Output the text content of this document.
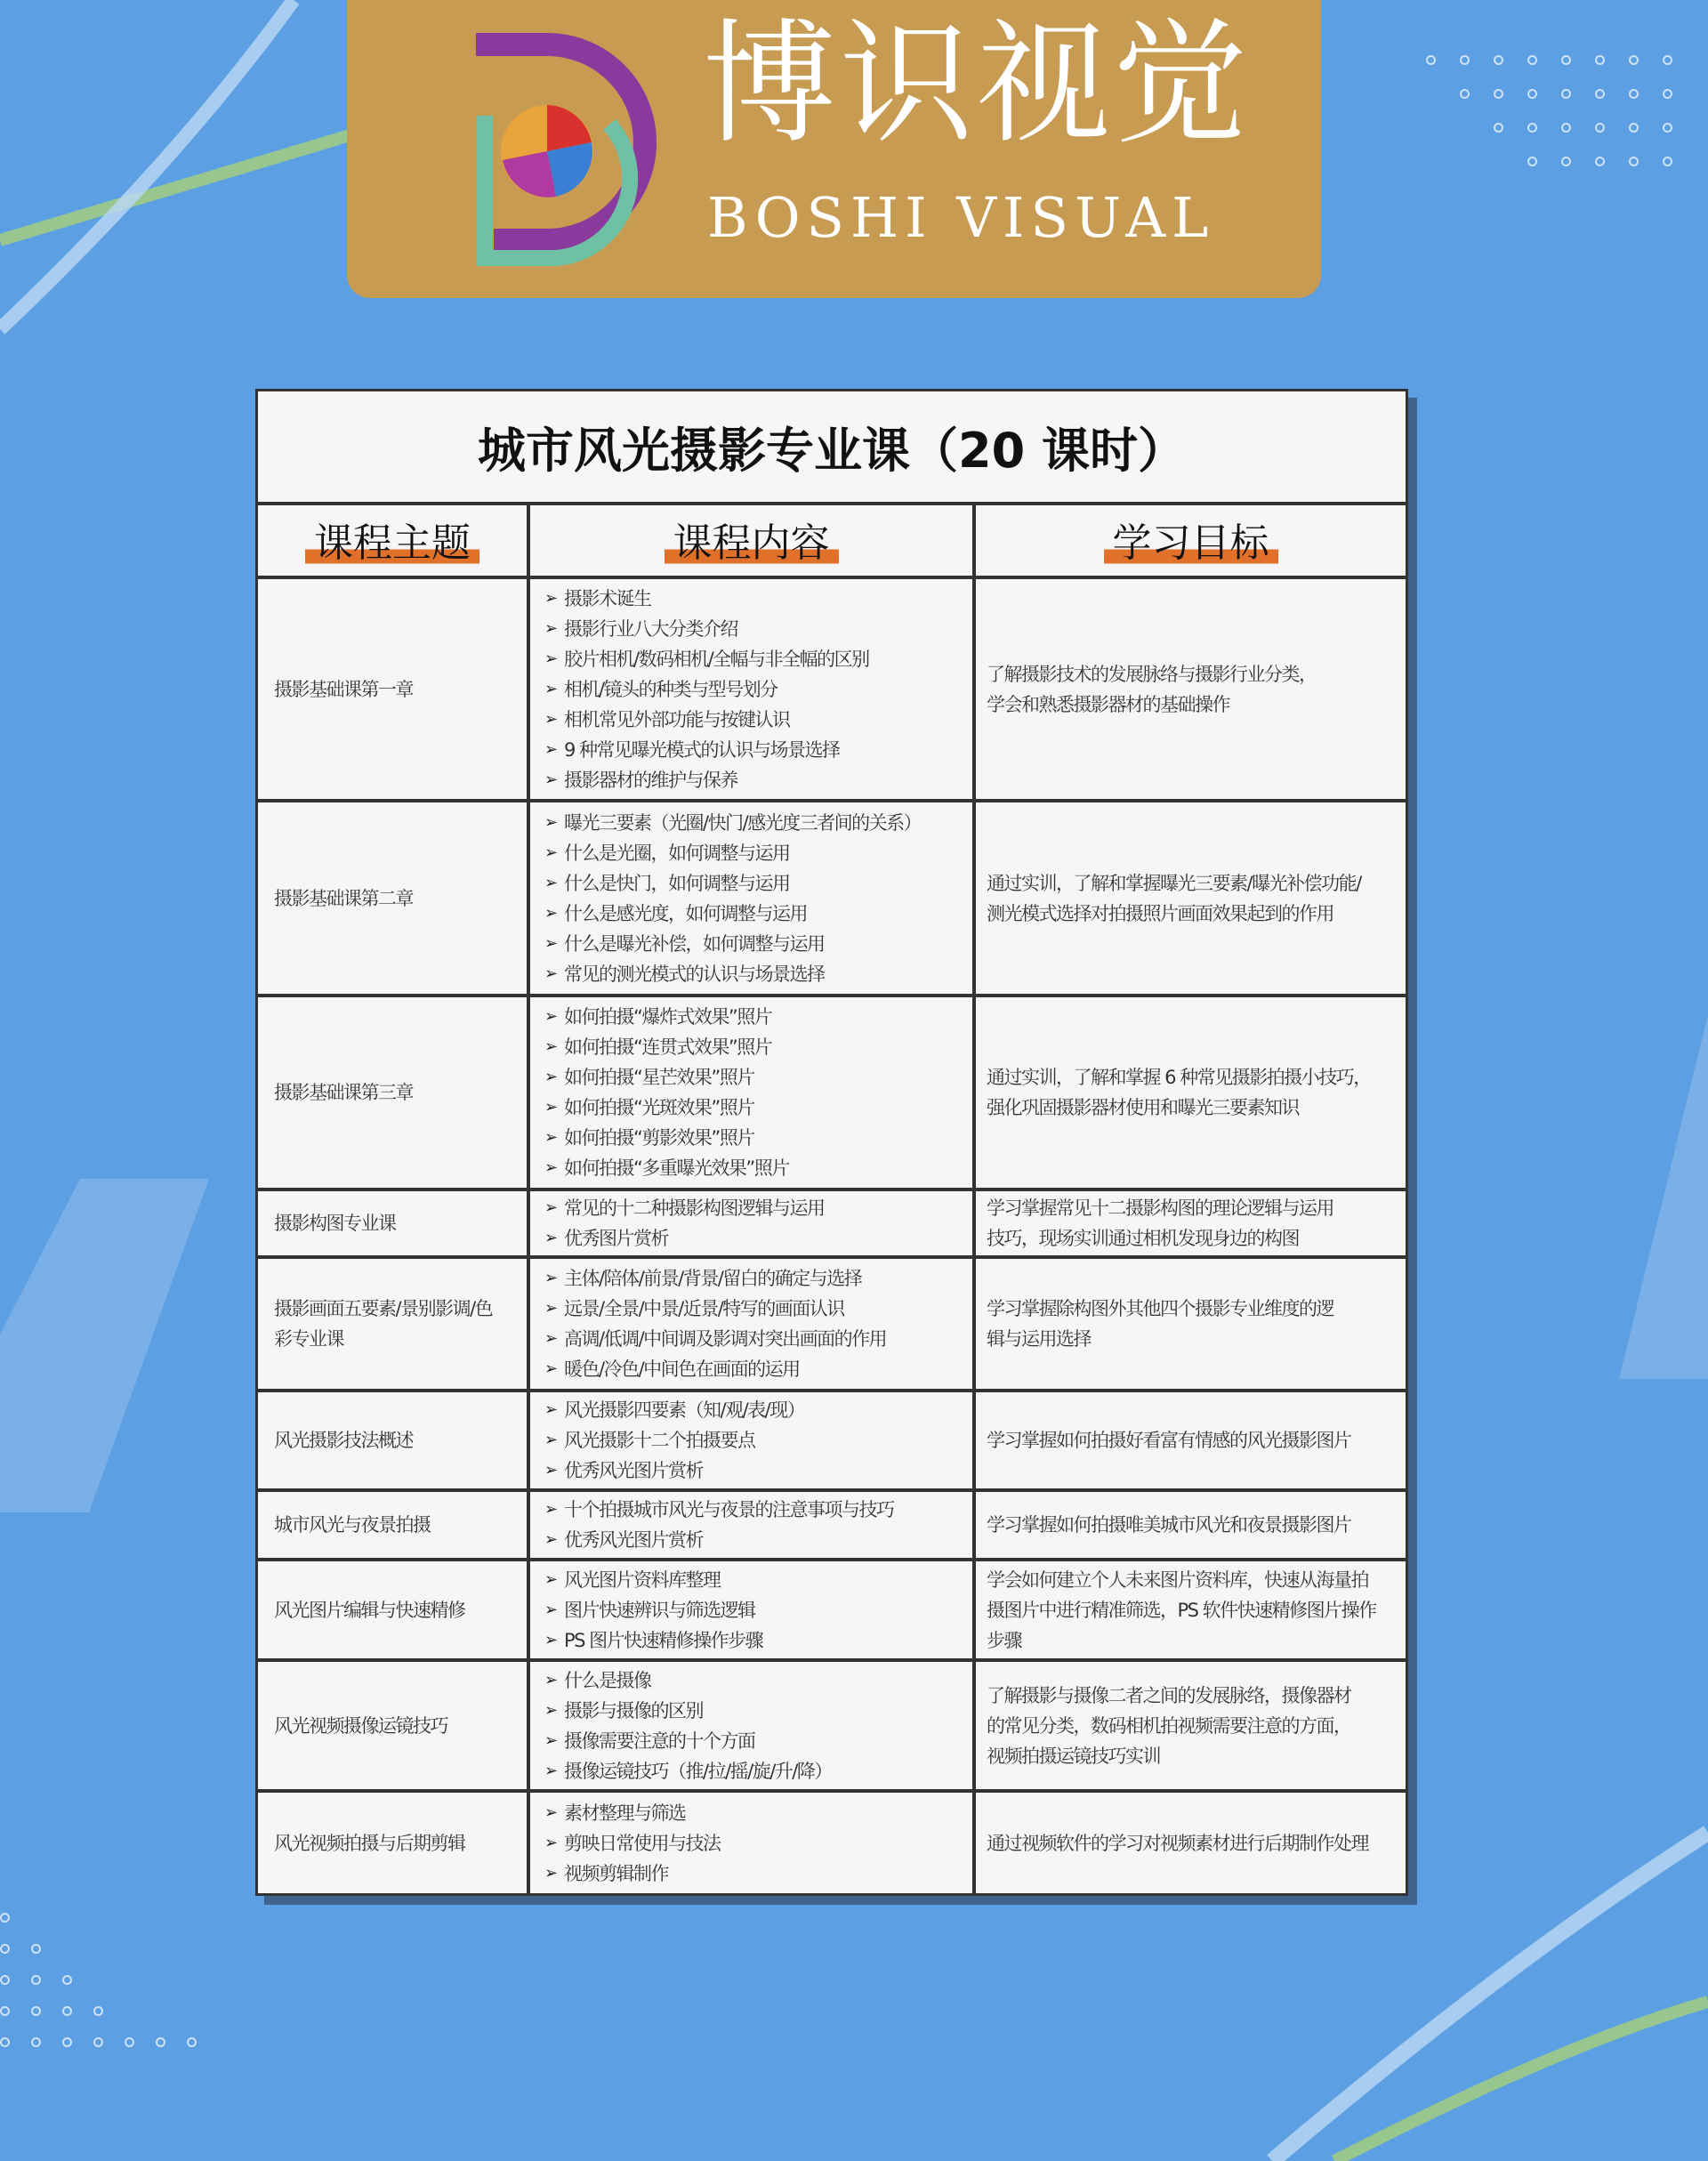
博识视觉
BOSHI VISUAL
城市风光摄影专业课（20 课时）
课程主题	课程内容	学习目标
摄影基础课第一章
➢ 摄影术诞生
➢ 摄影行业八大分类介绍
➢ 胶片相机/数码相机/全幅与非全幅的区别
➢ 相机/镜头的种类与型号划分
➢ 相机常见外部功能与按键认识
➢ 9 种常见曝光模式的认识与场景选择
➢ 摄影器材的维护与保养
了解摄影技术的发展脉络与摄影行业分类，
学会和熟悉摄影器材的基础操作
摄影基础课第二章
➢ 曝光三要素（光圈/快门/感光度三者间的关系）
➢ 什么是光圈，如何调整与运用
➢ 什么是快门，如何调整与运用
➢ 什么是感光度，如何调整与运用
➢ 什么是曝光补偿，如何调整与运用
➢ 常见的测光模式的认识与场景选择
通过实训，了解和掌握曝光三要素/曝光补偿功能/
测光模式选择对拍摄照片画面效果起到的作用
摄影基础课第三章
➢ 如何拍摄“爆炸式效果”照片
➢ 如何拍摄“连贯式效果”照片
➢ 如何拍摄“星芒效果”照片
➢ 如何拍摄“光斑效果”照片
➢ 如何拍摄“剪影效果”照片
➢ 如何拍摄“多重曝光效果”照片
通过实训，了解和掌握 6 种常见摄影拍摄小技巧，
强化巩固摄影器材使用和曝光三要素知识
摄影构图专业课
➢ 常见的十二种摄影构图逻辑与运用
➢ 优秀图片赏析
学习掌握常见十二摄影构图的理论逻辑与运用
技巧，现场实训通过相机发现身边的构图
摄影画面五要素/景别影调/色彩专业课
➢ 主体/陪体/前景/背景/留白的确定与选择
➢ 远景/全景/中景/近景/特写的画面认识
➢ 高调/低调/中间调及影调对突出画面的作用
➢ 暖色/冷色/中间色在画面的运用
学习掌握除构图外其他四个摄影专业维度的逻
辑与运用选择
风光摄影技法概述
➢ 风光摄影四要素（知/观/表/现）
➢ 风光摄影十二个拍摄要点
➢ 优秀风光图片赏析
学习掌握如何拍摄好看富有情感的风光摄影图片
城市风光与夜景拍摄
➢ 十个拍摄城市风光与夜景的注意事项与技巧
➢ 优秀风光图片赏析
学习掌握如何拍摄唯美城市风光和夜景摄影图片
风光图片编辑与快速精修
➢ 风光图片资料库整理
➢ 图片快速辨识与筛选逻辑
➢ PS 图片快速精修操作步骤
学会如何建立个人未来图片资料库，快速从海量拍
摄图片中进行精准筛选，PS 软件快速精修图片操作
步骤
风光视频摄像运镜技巧
➢ 什么是摄像
➢ 摄影与摄像的区别
➢ 摄像需要注意的十个方面
➢ 摄像运镜技巧（推/拉/摇/旋/升/降）
了解摄影与摄像二者之间的发展脉络，摄像器材
的常见分类，数码相机拍视频需要注意的方面，
视频拍摄运镜技巧实训
风光视频拍摄与后期剪辑
➢ 素材整理与筛选
➢ 剪映日常使用与技法
➢ 视频剪辑制作
通过视频软件的学习对视频素材进行后期制作处理
